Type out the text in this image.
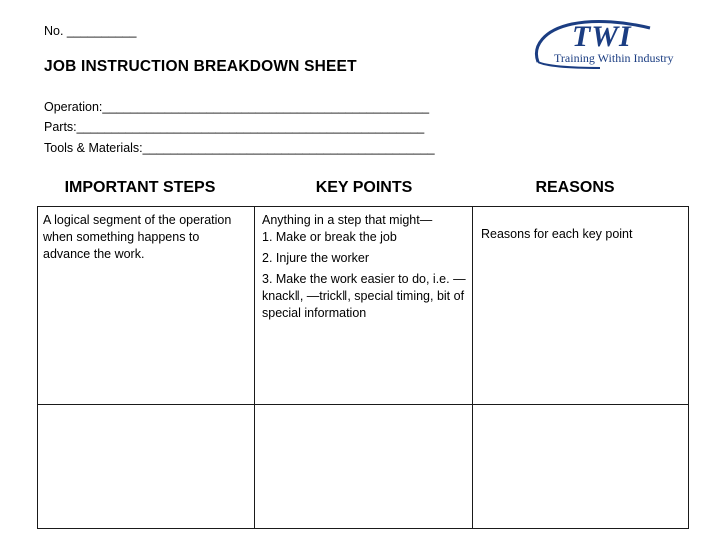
No. __________
JOB INSTRUCTION BREAKDOWN SHEET
Operation:_______________________________________________
Parts:__________________________________________________
Tools & Materials:__________________________________________
TWI
Training Within Industry
IMPORTANT STEPS	KEY POINTS	REASONS
A logical segment of the operation when something happens to advance the work.
Anything in a step that might—
1. Make or break the job
2. Injure the worker
3. Make the work easier to do, i.e. —knack‖, —trick‖, special timing, bit of special information
Reasons for each key point
